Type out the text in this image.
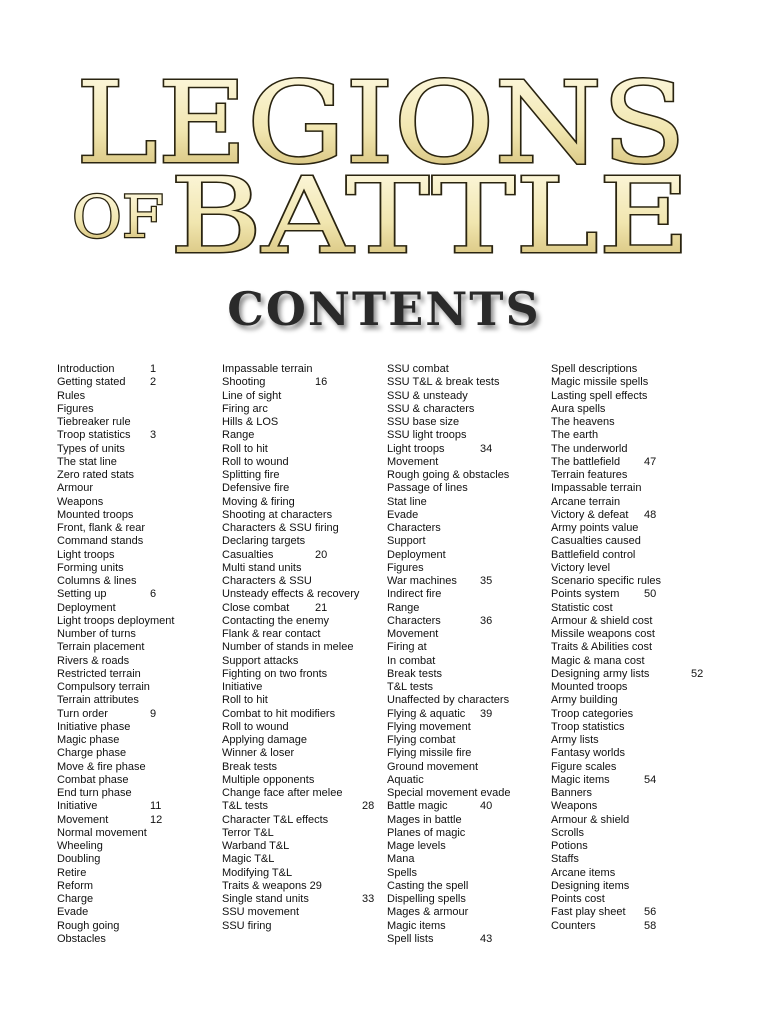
LEGIONS
OF BATTLE
CONTENTS
Introduction	1
Getting stated 2
Rules
Figures
Tiebreaker rule
Troop statistics 3
Types of units
The stat line
Zero rated stats
Armour
Weapons
Mounted troops
Front, flank & rear
Command stands
Light troops
Forming units
Columns & lines
Setting up	6
Deployment
Light troops deployment
Number of turns
Terrain placement
Rivers & roads
Restricted terrain
Compulsory terrain
Terrain attributes
Turn order	9
Initiative phase
Magic phase
Charge phase
Move & fire phase
Combat phase
End turn phase
Initiative	11
Movement	12
Normal movement
Wheeling
Doubling
Retire
Reform
Charge
Evade
Rough going
Obstacles
Impassable terrain
Shooting	16
Line of sight
Firing arc
Hills & LOS
Range
Roll to hit
Roll to wound
Splitting fire
Defensive fire
Moving & firing
Shooting at characters
Characters & SSU firing
Declaring targets
Casualties	20
Multi stand units
Characters & SSU
Unsteady effects & recovery
Close combat 21
Contacting the enemy
Flank & rear contact
Number of stands in melee
Support attacks
Fighting on two fronts
Initiative
Roll to hit
Combat to hit modifiers
Roll to wound
Applying damage
Winner & loser
Break tests
Multiple opponents
Change face after melee
T&L tests	28
Character T&L effects
Terror T&L
Warband T&L
Magic T&L
Modifying T&L
Traits & weapons 29
Single stand units	33
SSU movement
SSU firing
SSU combat
SSU T&L & break tests
SSU & unsteady
SSU & characters
SSU base size
SSU light troops
Light troops	34
Movement
Rough going & obstacles
Passage of lines
Stat line
Evade
Characters
Support
Deployment
Figures
War machines 35
Indirect fire
Range
Characters	36
Movement
Firing at
In combat
Break tests
T&L tests
Unaffected by characters
Flying & aquatic 39
Flying movement
Flying combat
Flying missile fire
Ground movement
Aquatic
Special movement evade
Battle magic	40
Mages in battle
Planes of magic
Mage levels
Mana
Spells
Casting the spell
Dispelling spells
Mages & armour
Magic items
Spell lists	43
Spell descriptions
Magic missile spells
Lasting spell effects
Aura spells
The heavens
The earth
The underworld
The battlefield 47
Terrain features
Impassable terrain
Arcane terrain
Victory & defeat 48
Army points value
Casualties caused
Battlefield control
Victory level
Scenario specific rules
Points system 50
Statistic cost
Armour & shield cost
Missile weapons cost
Traits & Abilities cost
Magic & mana cost
Designing army lists	52
Mounted troops
Army building
Troop categories
Troop statistics
Army lists
Fantasy worlds
Figure scales
Magic items	54
Banners
Weapons
Armour & shield
Scrolls
Potions
Staffs
Arcane items
Designing items
Points cost
Fast play sheet 56
Counters	58
